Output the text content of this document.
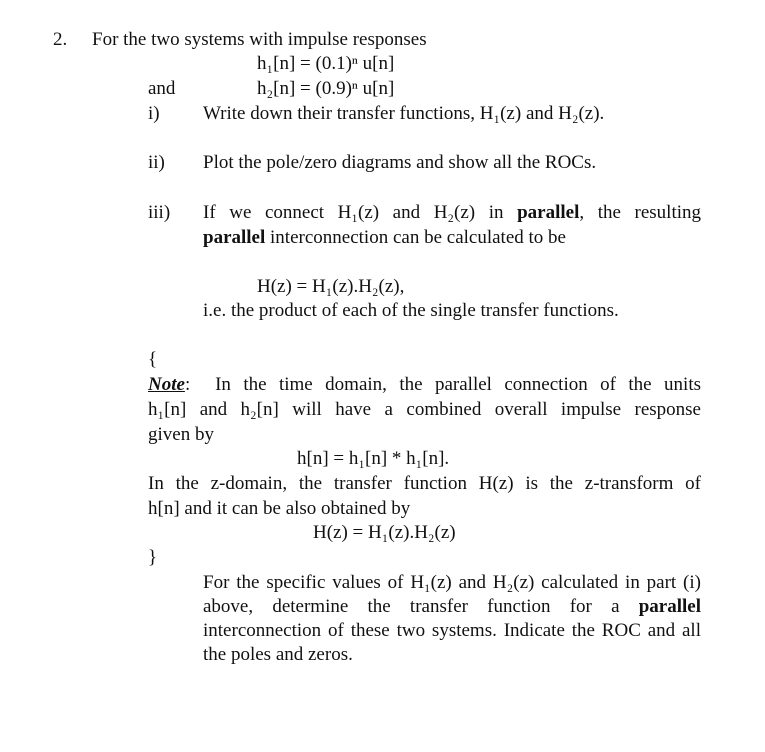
2. For the two systems with impulse responses
h₁[n] = (0.1)ⁿ u[n]
and	h₂[n] = (0.9)ⁿ u[n]
i) Write down their transfer functions, H₁(z) and H₂(z).
ii) Plot the pole/zero diagrams and show all the ROCs.
iii) If we connect H₁(z) and H₂(z) in parallel, the resulting
parallel interconnection can be calculated to be
H(z) = H₁(z).H₂(z),
i.e. the product of each of the single transfer functions.
{
Note: In the time domain, the parallel connection of the units
h₁[n] and h₂[n] will have a combined overall impulse response
given by
h[n] = h₁[n] * h₁[n].
In the z-domain, the transfer function H(z) is the z-transform of
h[n] and it can be also obtained by
H(z) = H₁(z).H₂(z)
}
For the specific values of H₁(z) and H₂(z) calculated in part (i) above, determine the transfer function for a parallel interconnection of these two systems. Indicate the ROC and all the poles and zeros.
